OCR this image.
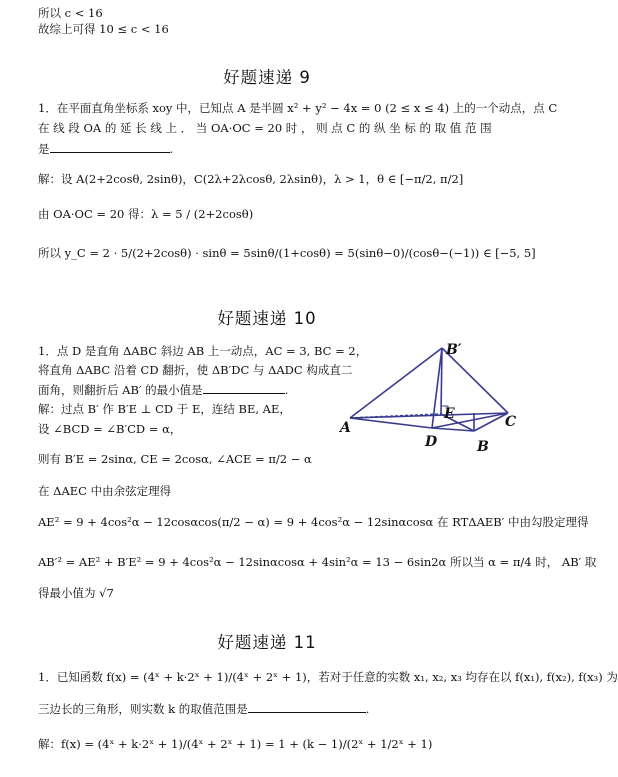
所以 c < 16
故综上可得 10 ≤ c < 16
好题速递 9
1．在平面直角坐标系 xoy 中，已知点 A 是半圆 x² + y² − 4x = 0 (2 ≤ x ≤ 4) 上的一个动点，点 C
在 线 段 OA 的 延 长 线 上 ． 当 OA·OC = 20 时 ， 则 点 C 的 纵 坐 标 的 取 值 范 围
是	.
解：设 A(2+2cosθ, 2sinθ)，C(2λ+2λcosθ, 2λsinθ)，λ > 1，θ ∈ [−π/2, π/2]
由 OA·OC = 20 得：λ = 5 / (2+2cosθ)
所以 y_C = 2 · 5/(2+2cosθ) · sinθ = 5sinθ/(1+cosθ) = 5(sinθ−0)/(cosθ−(−1)) ∈ [−5, 5]
好题速递 10
1．点 D 是直角 ΔABC 斜边 AB 上一动点，AC = 3, BC = 2，
将直角 ΔABC 沿着 CD 翻折，使 ΔB′DC 与 ΔADC 构成直二
面角，则翻折后 AB′ 的最小值是	.
解：过点 B′ 作 B′E ⊥ CD 于 E，连结 BE, AE，
设 ∠BCD = ∠B′CD = α，
则有 B′E = 2sinα, CE = 2cosα, ∠ACE = π/2 − α
在 ΔAEC 中由余弦定理得
AE² = 9 + 4cos²α − 12cosαcos(π/2 − α) = 9 + 4cos²α − 12sinαcosα 在 RTΔAEB′ 中由勾股定理得
AB′² = AE² + B′E² = 9 + 4cos²α − 12sinαcosα + 4sin²α = 13 − 6sin2α 所以当 α = π/4 时， AB′ 取
得最小值为 √7
B′
A
E	C
D	B
好题速递 11
1．已知函数 f(x) = (4ˣ + k·2ˣ + 1)/(4ˣ + 2ˣ + 1)，若对于任意的实数 x₁, x₂, x₃ 均存在以 f(x₁), f(x₂), f(x₃) 为
三边长的三角形，则实数 k 的取值范围是	.
解：f(x) = (4ˣ + k·2ˣ + 1)/(4ˣ + 2ˣ + 1) = 1 + (k − 1)/(2ˣ + 1/2ˣ + 1)
